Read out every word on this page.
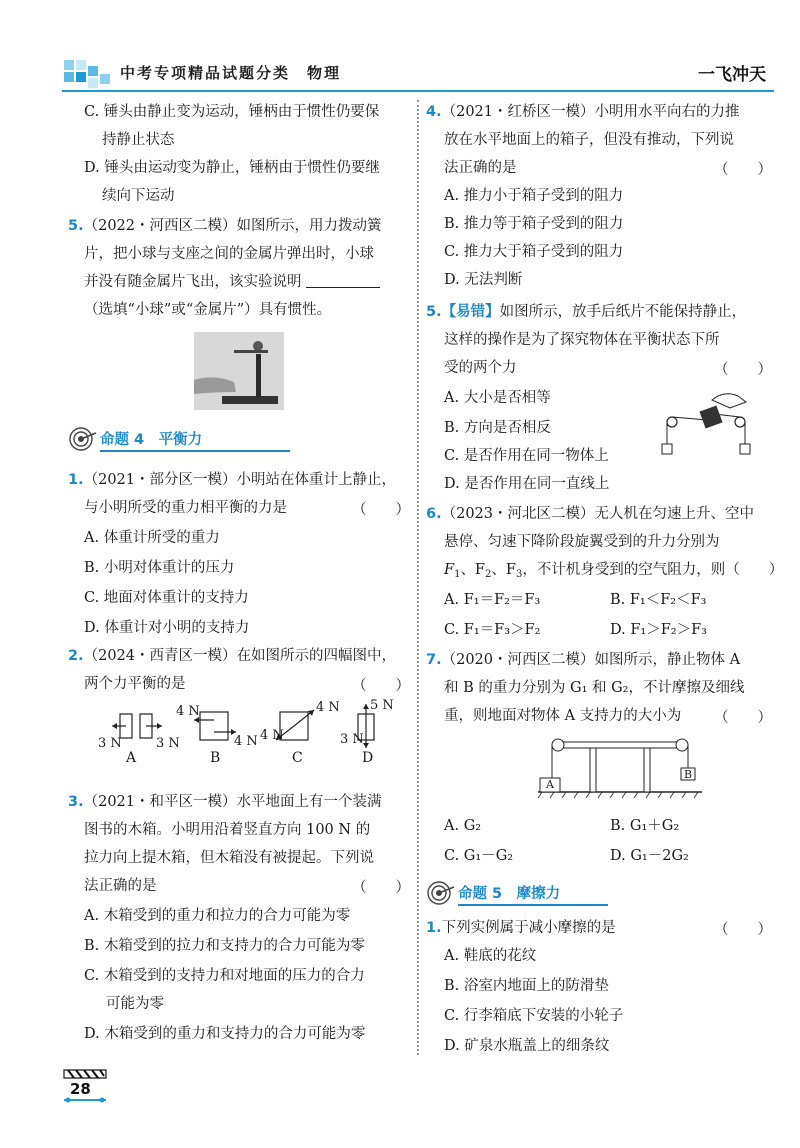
中考专项精品试题分类　物理	一飞冲天
C. 锤头由静止变为运动，锤柄由于惯性仍要保
持静止状态
D. 锤头由运动变为静止，锤柄由于惯性仍要继
续向下运动
5.（2022・河西区二模）如图所示，用力拨动簧
片，把小球与支座之间的金属片弹出时，小球
并没有随金属片飞出，该实验说明
（选填“小球”或“金属片”）具有惯性。
命题 4　平衡力
1.（2021・部分区一模）小明站在体重计上静止，
与小明所受的重力相平衡的力是	（　　）
A. 体重计所受的重力
B. 小明对体重计的压力
C. 地面对体重计的支持力
D. 体重计对小明的支持力
2.（2024・西青区一模）在如图所示的四幅图中，
两个力平衡的是	（　　）
3 N	3 N
4 N
4 N 4 N
4 N 5 N
3 N
A	B	C	D
3.（2021・和平区一模）水平地面上有一个装满
图书的木箱。小明用沿着竖直方向 100 N 的
拉力向上提木箱，但木箱没有被提起。下列说
法正确的是	（　　）
A. 木箱受到的重力和拉力的合力可能为零
B. 木箱受到的拉力和支持力的合力可能为零
C. 木箱受到的支持力和对地面的压力的合力
可能为零
D. 木箱受到的重力和支持力的合力可能为零
4.（2021・红桥区一模）小明用水平向右的力推
放在水平地面上的箱子，但没有推动，下列说
法正确的是	（　　）
A. 推力小于箱子受到的阻力
B. 推力等于箱子受到的阻力
C. 推力大于箱子受到的阻力
D. 无法判断
5.【易错】如图所示，放手后纸片不能保持静止，
这样的操作是为了探究物体在平衡状态下所
受的两个力	（　　）
A. 大小是否相等
B. 方向是否相反
C. 是否作用在同一物体上
D. 是否作用在同一直线上
6.（2023・河北区二模）无人机在匀速上升、空中
悬停、匀速下降阶段旋翼受到的升力分别为
$F_1$、$F_2$、$F_3$，不计机身受到的空气阻力，则（　　）
A. F₁＝F₂＝F₃	B. F₁＜F₂＜F₃
C. F₁＝F₃＞F₂	D. F₁＞F₂＞F₃
7.（2020・河西区二模）如图所示，静止物体 A
和 B 的重力分别为 G₁ 和 G₂，不计摩擦及细线
重，则地面对物体 A 支持力的大小为 （　　）
A
B
A. G₂	B. G₁＋G₂
C. G₁－G₂	D. G₁－2G₂
命题 5　摩擦力
1.下列实例属于减小摩擦的是	（　　）
A. 鞋底的花纹
B. 浴室内地面上的防滑垫
C. 行李箱底下安装的小轮子
D. 矿泉水瓶盖上的细条纹
28
